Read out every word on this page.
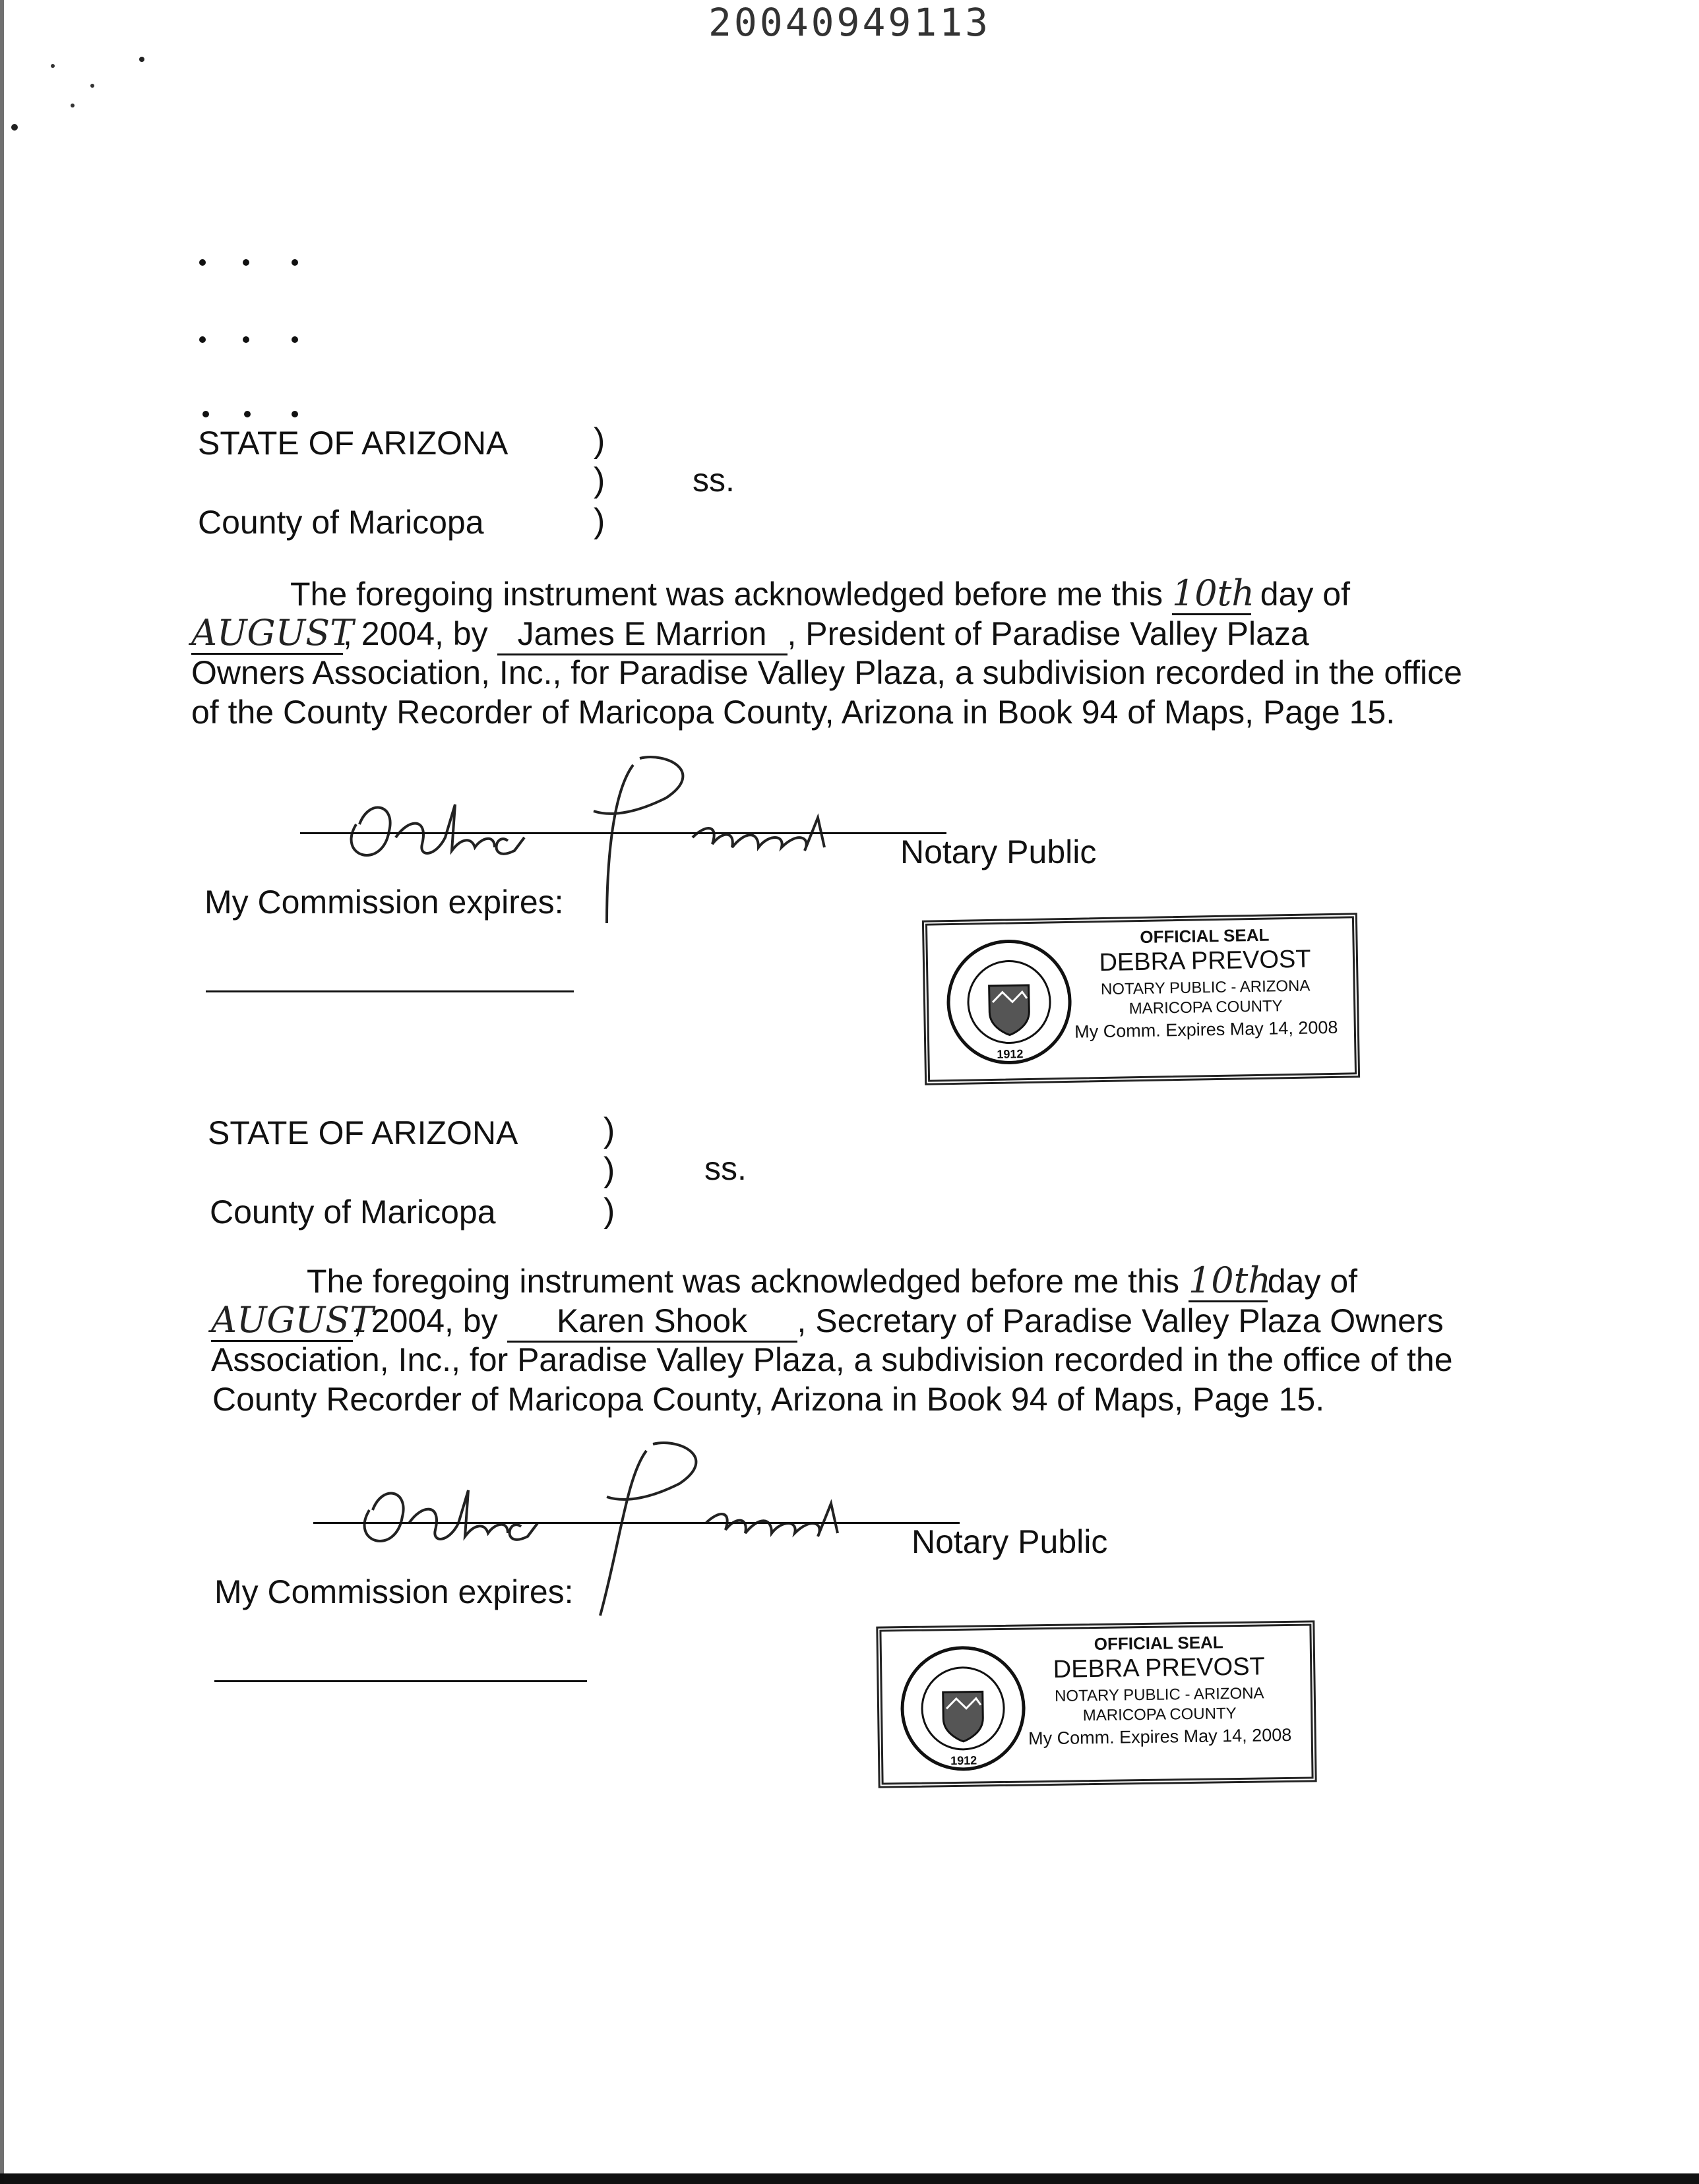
20040949113
STATE OF ARIZONA )
)	ss.
)
County of Maricopa
The foregoing instrument was acknowledged before me this 10th day of
AUGUST, 2004, by James E Marrion , President of Paradise Valley Plaza
Owners Association, Inc., for Paradise Valley Plaza, a subdivision recorded in the office
of the County Recorder of Maricopa County, Arizona in Book 94 of Maps, Page 15.
Notary Public
My Commission expires:
1912
OFFICIAL SEAL
DEBRA PREVOST
NOTARY PUBLIC - ARIZONA
MARICOPA COUNTY
My Comm. Expires May 14, 2008
STATE OF ARIZONA )
)	ss.
)
County of Maricopa
The foregoing instrument was acknowledged before me this 10thday of
AUGUST, 2004, by Karen Shook , Secretary of Paradise Valley Plaza Owners
Association, Inc., for Paradise Valley Plaza, a subdivision recorded in the office of the
County Recorder of Maricopa County, Arizona in Book 94 of Maps, Page 15.
Notary Public
My Commission expires:
1912
OFFICIAL SEAL
DEBRA PREVOST
NOTARY PUBLIC - ARIZONA
MARICOPA COUNTY
My Comm. Expires May 14, 2008
